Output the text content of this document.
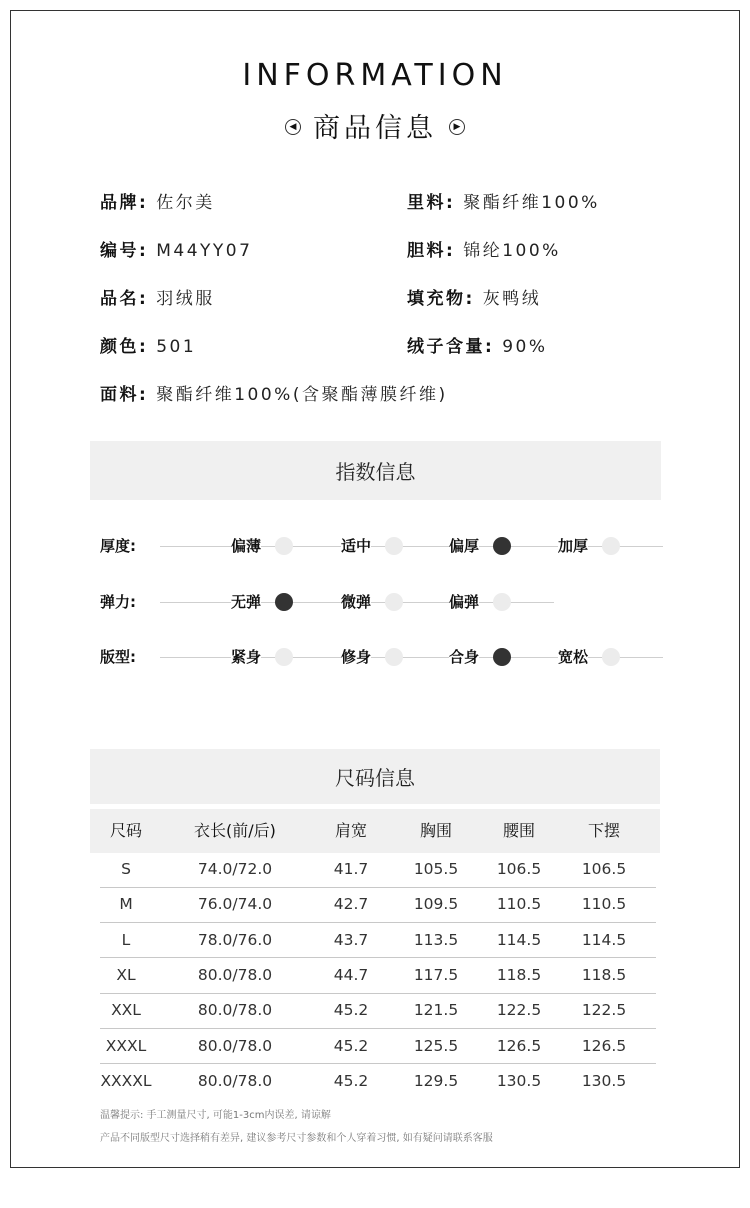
INFORMATION
◀ 商品信息 ▶
品牌: 佐尔美	里料: 聚酯纤维100%
编号: M44YY07	胆料: 锦纶100%
品名: 羽绒服	填充物: 灰鸭绒
颜色: 501	绒子含量: 90%
面料: 聚酯纤维100%(含聚酯薄膜纤维)
指数信息
厚度:	偏薄	适中	偏厚	加厚
弹力:	无弹	微弹	偏弹
版型:	紧身	修身	合身	宽松
尺码信息
尺码	衣长(前/后)	肩宽	胸围	腰围	下摆
S	74.0/72.0	41.7	105.5	106.5	106.5
M	76.0/74.0	42.7	109.5	110.5	110.5
L	78.0/76.0	43.7	113.5	114.5	114.5
XL	80.0/78.0	44.7	117.5	118.5	118.5
XXL	80.0/78.0	45.2	121.5	122.5	122.5
XXXL	80.0/78.0	45.2	125.5	126.5	126.5
XXXXL	80.0/78.0	45.2	129.5	130.5	130.5
温馨提示: 手工测量尺寸, 可能1-3cm内误差, 请谅解
产品不同版型尺寸选择稍有差异, 建议参考尺寸参数和个人穿着习惯, 如有疑问请联系客服
